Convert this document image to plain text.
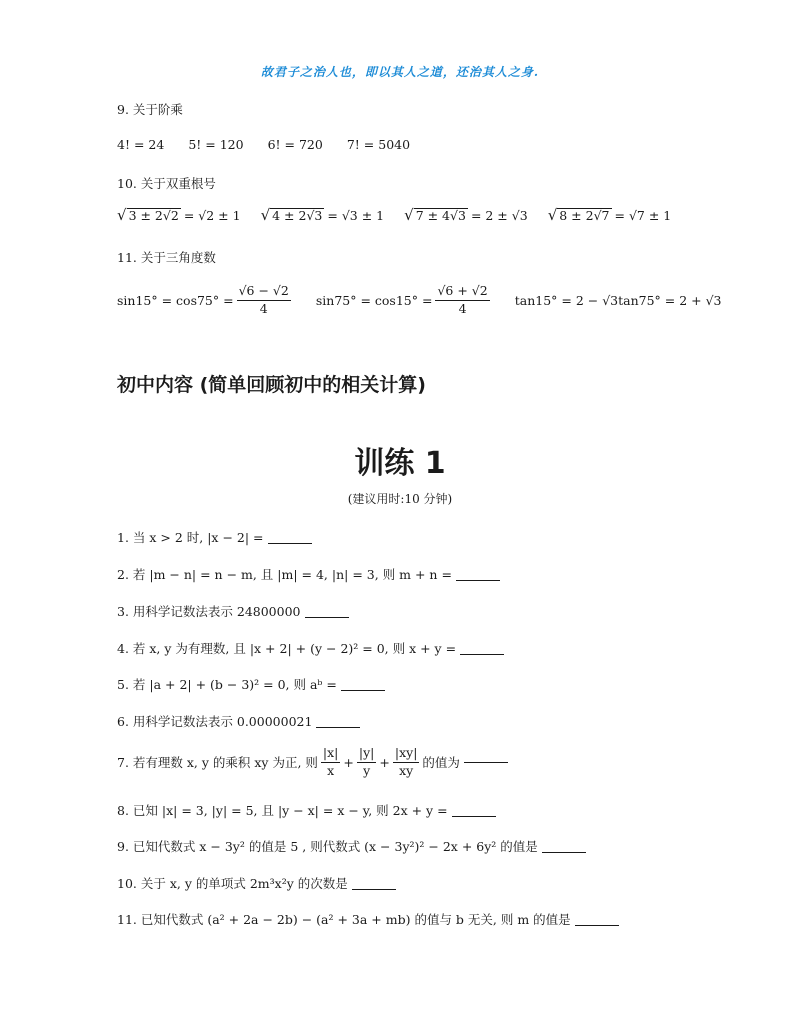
故君子之治人也，即以其人之道，还治其人之身.
9. 关于阶乘
4! = 24 5! = 120 6! = 720 7! = 5040
10. 关于双重根号
√ 3 ± 2√2 = √2 ± 1 √ 4 ± 2√3 = √3 ± 1 √ 7 ± 4√3 = 2 ± √3 √ 8 ± 2√7 = √7 ± 1
11. 关于三角度数
$\sin 15^\circ = \cos 75^\circ = \frac{√6 - √2}{4} \sin 75^\circ = \cos 15^\circ = \frac{√6 + √2}{4} \tan 15^\circ = 2 - √3\tan 75^\circ = 2 + √3$
初中内容 (简单回顾初中的相关计算)
训练 1
(建议用时:10 分钟)
1. 当 x > 2 时, |x − 2| =
2. 若 |m − n| = n − m, 且 |m| = 4, |n| = 3, 则 m + n =
3. 用科学记数法表示 24800000
4. 若 x, y 为有理数, 且 |x + 2| + (y − 2)² = 0, 则 x + y =
5. 若 |a + 2| + (b − 3)² = 0, 则 aᵇ =
6. 用科学记数法表示 0.00000021
7. 若有理数 x, y 的乘积 xy 为正, 则 $\frac{|x|}{x} + \frac{|y|}{y} + \frac{|xy|}{xy}$ 的值为
8. 已知 |x| = 3, |y| = 5, 且 |y − x| = x − y, 则 2x + y =
9. 已知代数式 x − 3y² 的值是 5 , 则代数式 (x − 3y²)² − 2x + 6y² 的值是
10. 关于 x, y 的单项式 2m³x²y 的次数是
11. 已知代数式 (a² + 2a − 2b) − (a² + 3a + mb) 的值与 b 无关, 则 m 的值是
